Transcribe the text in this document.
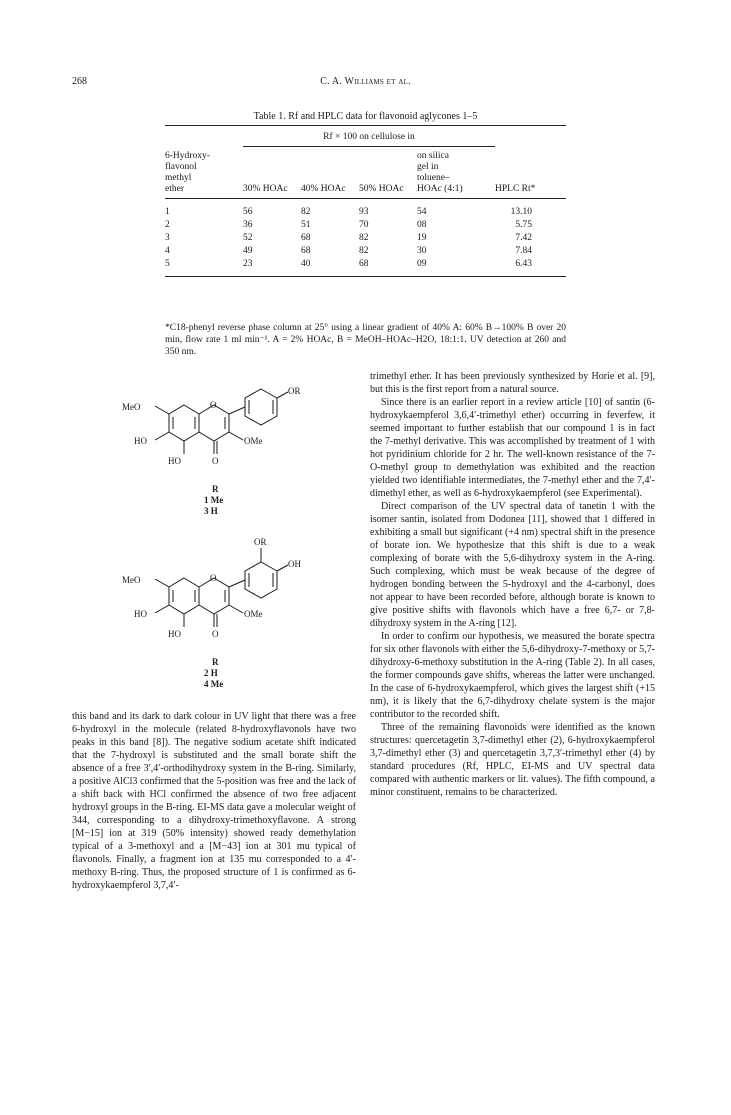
268	C. A. Williams et al.
Table 1. Rf and HPLC data for flavonoid aglycones 1–5

	Rf × 100 on cellulose in				

6-Hydroxy-				on silica	
flavonol				gel in	
methyl				toluene–	
ether	30% HOAc	40% HOAc	50% HOAc	HOAc (4:1)	HPLC Rt*

1	56	82	93	54	13.10
2	36	51	70	08	5.75
3	52	68	82	19	7.42
4	49	68	82	30	7.84
5	23	40	68	09	6.43

*C18-phenyl reverse phase column at 25° using a linear gradient of 40% A: 60% B→100% B over 20 min, flow rate 1 ml min⁻¹. A = 2% HOAc, B = MeOH–HOAc–H2O, 18:1:1. UV detection at 260 and 350 nm.
OR
MeO	O
HO	OMe
HO	O
R
1 Me
3 H
OR
OH
MeO	O
HO	OMe
HO	O
R
2 H
4 Me

this band and its dark to dark colour in UV light that there was a free 6-hydroxyl in the molecule (related 8-hydroxyflavonols have two peaks in this band [8]). The negative sodium acetate shift indicated that the 7-hydroxyl is substituted and the small borate shift the absence of a free 3′,4′-orthodihydroxy system in the B-ring. Similarly, a positive AlCl3 confirmed that the 5-position was free and the lack of a shift back with HCl confirmed the absence of two free adjacent hydroxyl groups in the B-ring. EI-MS data gave a molecular weight of 344, corresponding to a dihydroxy-trimethoxyflavone. A strong [M−15] ion at 319 (50% intensity) showed ready demethylation typical of a 3-methoxyl and a [M−43] ion at 301 mu typical of flavonols. Finally, a fragment ion at 135 mu corresponded to a 4′-methoxy B-ring. Thus, the proposed structure of 1 is confirmed as 6-hydroxykaempferol 3,7,4′-

trimethyl ether. It has been previously synthesized by Horie et al. [9], but this is the first report from a natural source.

Since there is an earlier report in a review article [10] of santin (6-hydroxykaempferol 3,6,4′-trimethyl ether) occurring in feverfew, it seemed important to further establish that our compound 1 is in fact the 7-methyl derivative. This was accomplished by treatment of 1 with hot pyridinium chloride for 2 hr. The well-known resistance of the 7-O-methyl group to demethylation was exhibited and the reaction yielded two identifiable intermediates, the 7-methyl ether and the 7,4′-dimethyl ether, as well as 6-hydroxykaempferol (see Experimental).

Direct comparison of the UV spectral data of tanetin 1 with the isomer santin, isolated from Dodonea [11], showed that 1 differed in exhibiting a small but significant (+4 nm) spectral shift in the presence of borate ion. We hypothesize that this shift is due to a weak complexing of borate with the 5,6-dihydroxy system in the A-ring. Such complexing, which must be weak because of the degree of hydrogen bonding between the 5-hydroxyl and the 4-carbonyl, does not appear to have been recorded before, although borate is known to give positive shifts with flavonols which have a free 6,7- or 7,8-dihydroxy system in the A-ring [12].

In order to confirm our hypothesis, we measured the borate spectra for six other flavonols with either the 5,6-dihydroxy-7-methoxy or 5,7-dihydroxy-6-methoxy substitution in the A-ring (Table 2). In all cases, the former compounds gave shifts, whereas the latter were unchanged. In the case of 6-hydroxykaempferol, which gives the largest shift (+15 nm), it is likely that the 6,7-dihydroxy chelate system is the major contributor to the recorded shift.

Three of the remaining flavonoids were identified as the known structures: quercetagetin 3,7-dimethyl ether (2), 6-hydroxykaempferol 3,7-dimethyl ether (3) and quercetagetin 3,7,3′-trimethyl ether (4) by standard procedures (Rf, HPLC, EI-MS and UV spectral data compared with authentic markers or lit. values). The fifth compound, a minor constituent, remains to be characterized.
